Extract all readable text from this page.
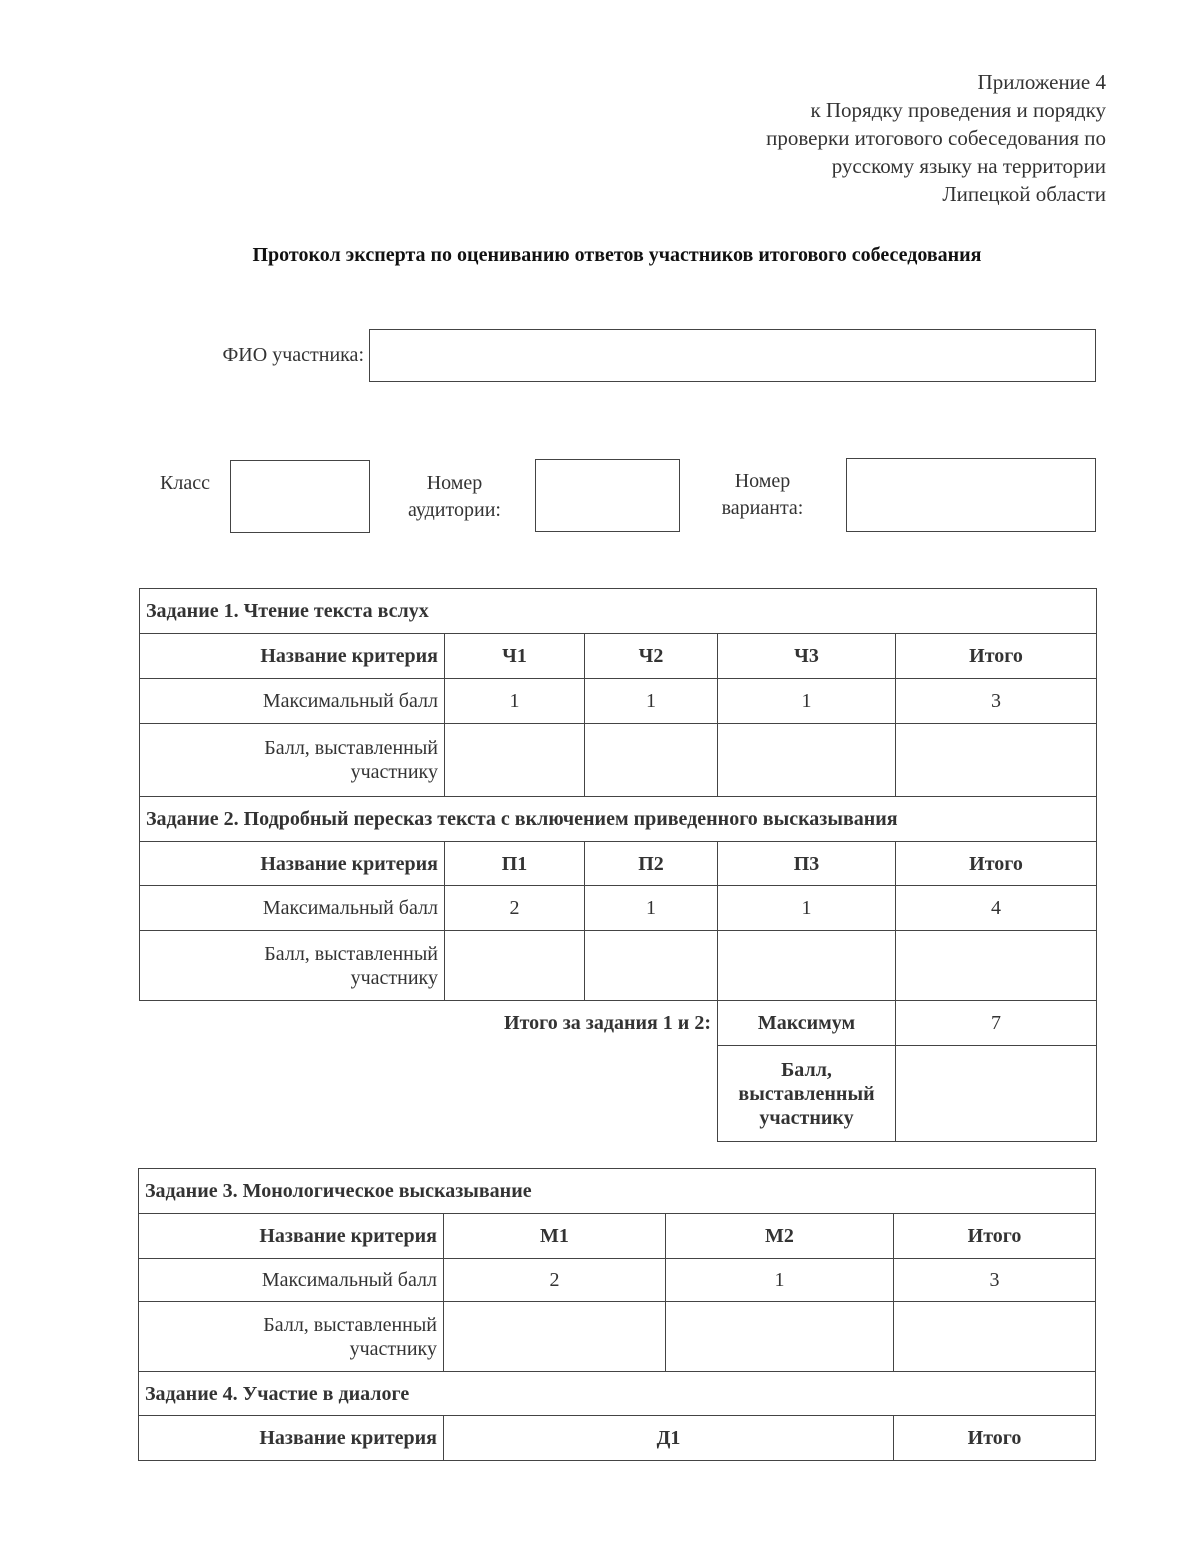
Приложение 4
к Порядку проведения и порядку
проверки итогового собеседования по
русскому языку на территории
Липецкой области
Протокол эксперта по оцениванию ответов участников итогового собеседования
ФИО участника:
Класс	Номер
аудитории:
Номер
варианта:
Задание 1. Чтение текста вслух				
Название критерия	Ч1	Ч2	Ч3	Итого
Максимальный балл	1	1	1	3

Балл, выставленный
участнику				

Задание 2. Подробный пересказ текста с включением приведенного высказывания				
Название критерия	П1	П2	П3	Итого
Максимальный балл	2	1	1	4

Балл, выставленный
участнику				

Итого за задания 1 и 2:			Максимум	7

			Балл,
выставленный
участнику	

Задание 3. Монологическое высказывание			
Название критерия	М1	М2	Итого
Максимальный балл	2	1	3

Балл, выставленный
участнику			

Задание 4. Участие в диалоге			
Название критерия	Д1		Итого
